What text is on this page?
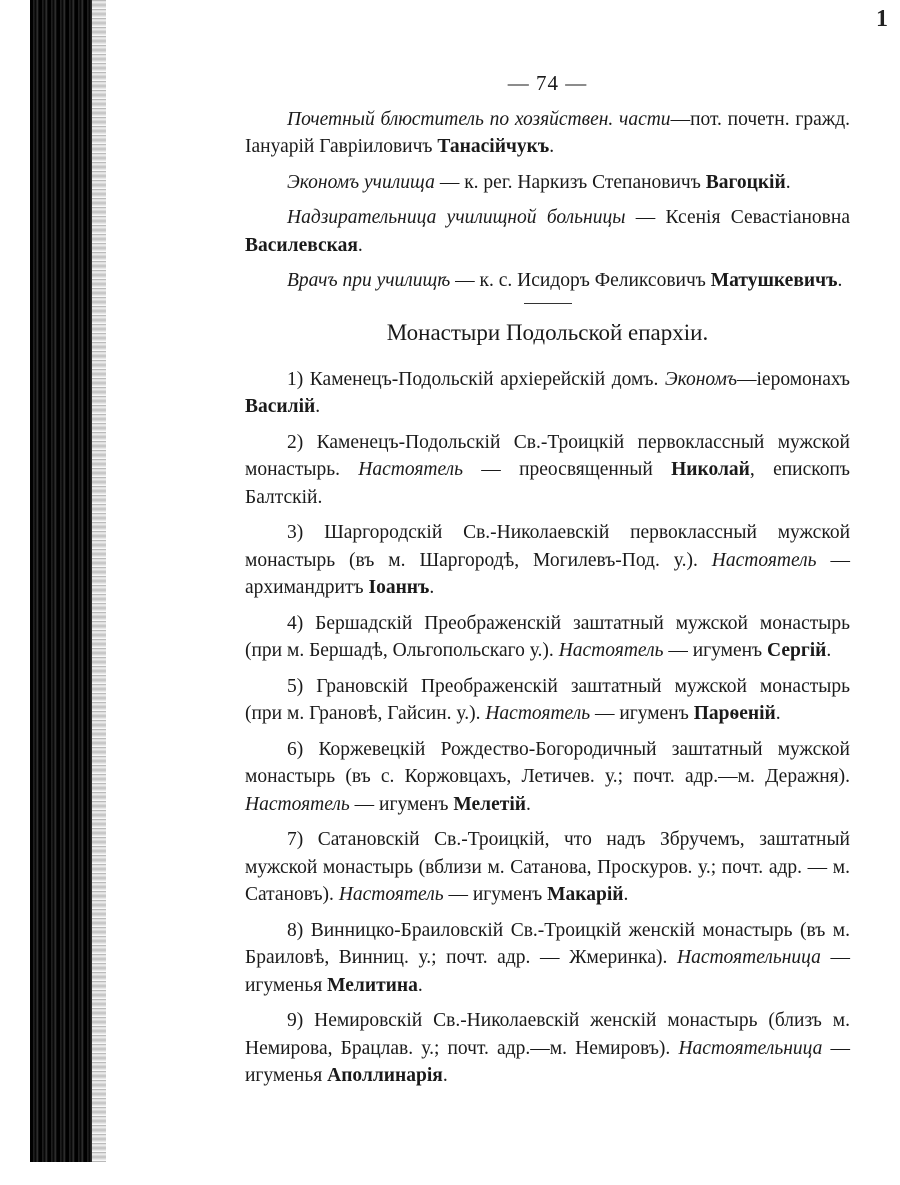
1
— 74 —

Почетный блюститель по хозяйствен. части—пот. почетн. гражд. Іануарій Гавріиловичъ Танасійчукъ.

Экономъ училища — к. рег. Наркизъ Степановичъ Вагоцкій.

Надзирательница училищной больницы — Ксенія Севастіановна Василевская.

Врачъ при училищѣ — к. с. Исидоръ Феликсовичъ Матушкевичъ.

Монастыри Подольской епархіи.

1) Каменецъ-Подольскій архіерейскій домъ. Экономъ—іеромонахъ Василій.

2) Каменецъ-Подольскій Св.-Троицкій первоклассный мужской монастырь. Настоятель — преосвященный Николай, епископъ Балтскій.

3) Шаргородскій Св.-Николаевскій первоклассный мужской монастырь (въ м. Шаргородѣ, Могилевъ-Под. у.). Настоятель — архимандритъ Іоаннъ.

4) Бершадскій Преображенскій заштатный мужской монастырь (при м. Бершадѣ, Ольгопольскаго у.). Настоятель — игуменъ Сергій.

5) Грановскій Преображенскій заштатный мужской монастырь (при м. Грановѣ, Гайсин. у.). Настоятель — игуменъ Парѳеній.

6) Коржевецкій Рождество-Богородичный заштатный мужской монастырь (въ с. Коржовцахъ, Летичев. у.; почт. адр.—м. Деражня). Настоятель — игуменъ Мелетій.

7) Сатановскій Св.-Троицкій, что надъ Збручемъ, заштатный мужской монастырь (вблизи м. Сатанова, Проскуров. у.; почт. адр. — м. Сатановъ). Настоятель — игуменъ Макарій.

8) Винницко-Браиловскій Св.-Троицкій женскій монастырь (въ м. Браиловѣ, Винниц. у.; почт. адр. — Жмеринка). Настоятельница — игуменья Мелитина.

9) Немировскій Св.-Николаевскій женскій монастырь (близъ м. Немирова, Брацлав. у.; почт. адр.—м. Немировъ). Настоятельница — игуменья Аполлинарія.
